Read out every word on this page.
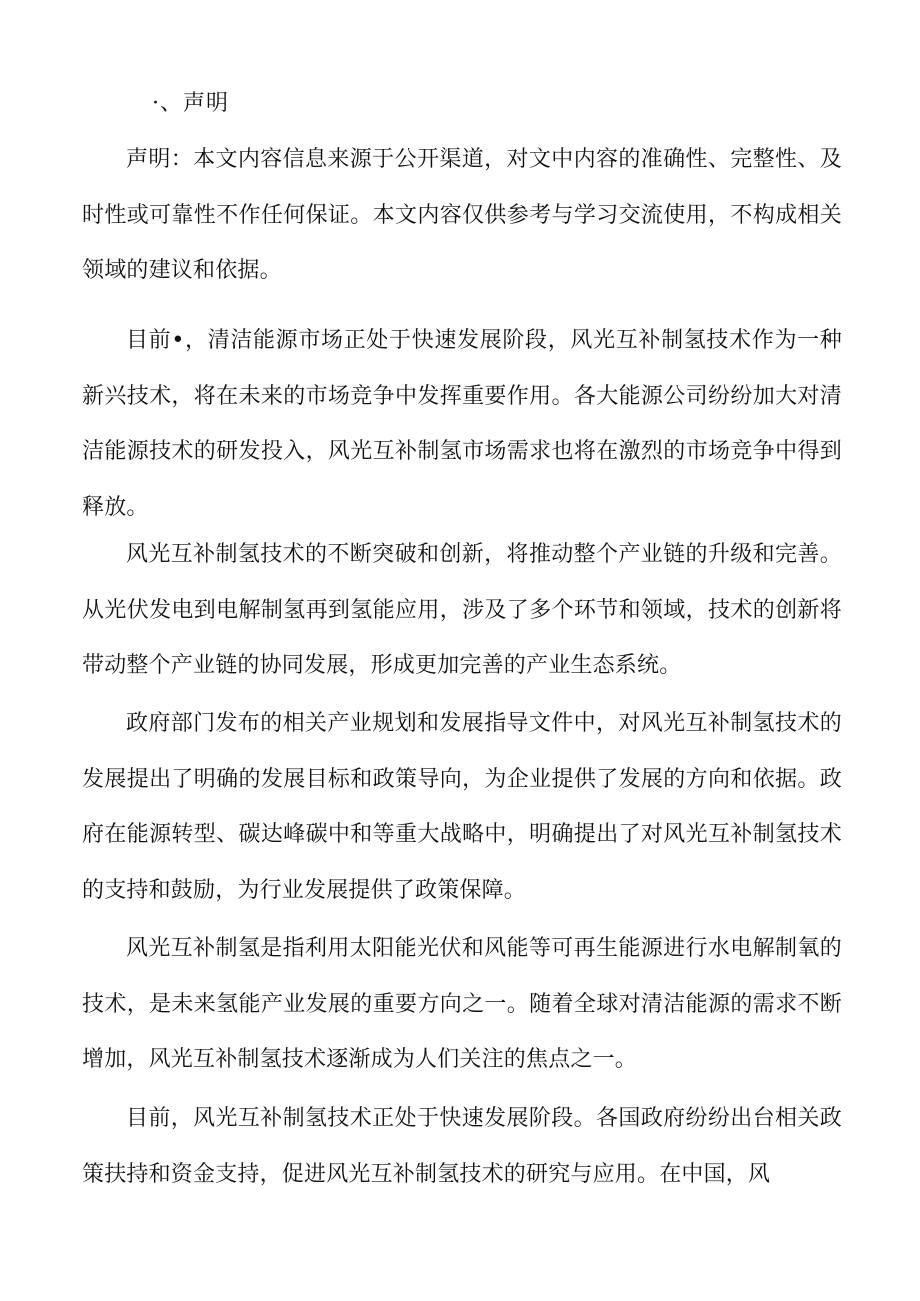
·、声明

声明：本文内容信息来源于公开渠道，对文中内容的准确性、完整性、及时性或可靠性不作任何保证。本文内容仅供参考与学习交流使用，不构成相关领域的建议和依据。

目前•，清洁能源市场正处于快速发展阶段，风光互补制氢技术作为一种新兴技术，将在未来的市场竞争中发挥重要作用。各大能源公司纷纷加大对清洁能源技术的研发投入，风光互补制氢市场需求也将在激烈的市场竞争中得到释放。

风光互补制氢技术的不断突破和创新，将推动整个产业链的升级和完善。从光伏发电到电解制氢再到氢能应用，涉及了多个环节和领域，技术的创新将带动整个产业链的协同发展，形成更加完善的产业生态系统。

政府部门发布的相关产业规划和发展指导文件中，对风光互补制氢技术的发展提出了明确的发展目标和政策导向，为企业提供了发展的方向和依据。政府在能源转型、碳达峰碳中和等重大战略中，明确提出了对风光互补制氢技术的支持和鼓励，为行业发展提供了政策保障。

风光互补制氢是指利用太阳能光伏和风能等可再生能源进行水电解制氧的技术，是未来氢能产业发展的重要方向之一。随着全球对清洁能源的需求不断增加，风光互补制氢技术逐渐成为人们关注的焦点之一。

目前，风光互补制氢技术正处于快速发展阶段。各国政府纷纷出台相关政策扶持和资金支持，促进风光互补制氢技术的研究与应用。在中国，风
